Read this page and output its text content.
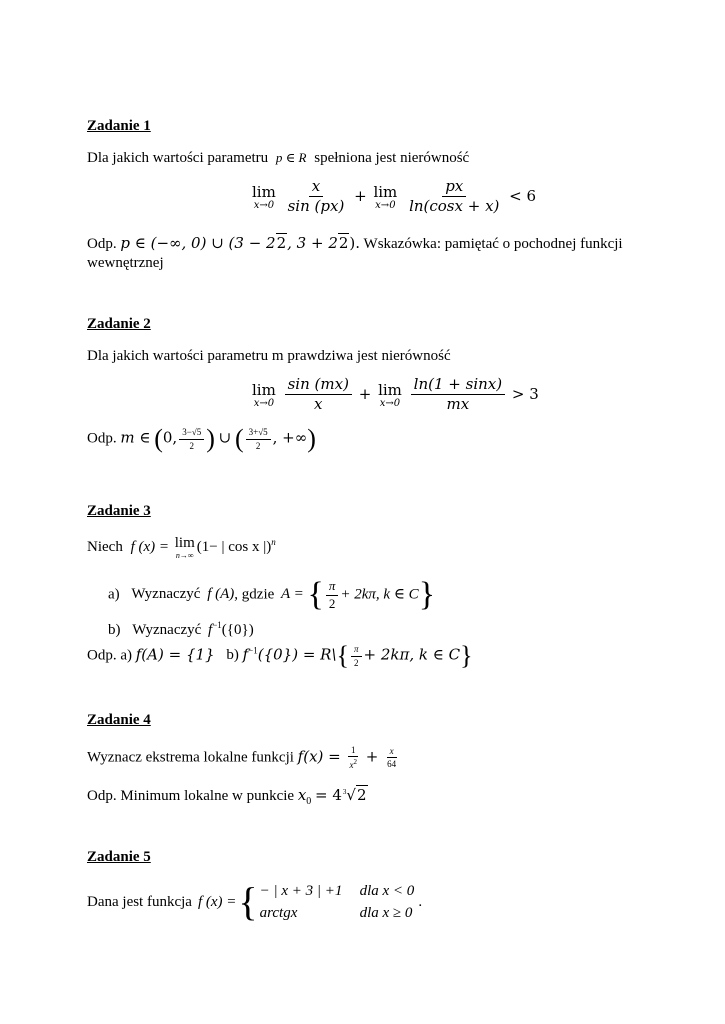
Zadanie 1
Dla jakich wartości parametru p ∈ R spełniona jest nierówność
lim
x→0
$\frac{x}{\sin (px)} + \lim$
x→0
$\frac{px}{\ln(\cos x + x)} < 6$
Odp. p ∈ (−∞, 0) ∪ (3 − 22, 3 + 22). Wskazówka: pamiętać o pochodnej funkcji
wewnętrznej
Zadanie 2
Dla jakich wartości parametru m prawdziwa jest nierówność
lim
x→0
$\frac{\sin (mx)}{x} + \lim$
x→0
$\frac{\ln(1 + \sin x)}{mx} > 3$
Odp. m ∈ (0, $\frac{3-√5}{2}$ ) ∪ ( $\frac{3+√5}{2}$ , +∞)
Zadanie 3
Niech f (x) = lim
n→∞
(1− | cos x |)$^n$
a) Wyznaczyć f (A), gdzie A = { $\frac{\pi}{2} + 2k\pi$, k ∈ C}
b) Wyznaczyć $f^{-1}(\{0\})$
Odp. a) f(A) = {1} b) $f^{-1}(\{0\})$ = R\{ $\frac{\pi}{2} + 2k\pi$, k ∈ C}
Zadanie 4
Wyznacz ekstrema lokalne funkcji $f(x) = \frac{1}{x^2} + \frac{x}{64}$
Odp. Minimum lokalne w punkcie $x_0 = 4^3√2$
Zadanie 5
Dana jest funkcja f (x) = { − | x + 3 | +1 dla x < 0
arctgx	dla x ≥ 0
.
